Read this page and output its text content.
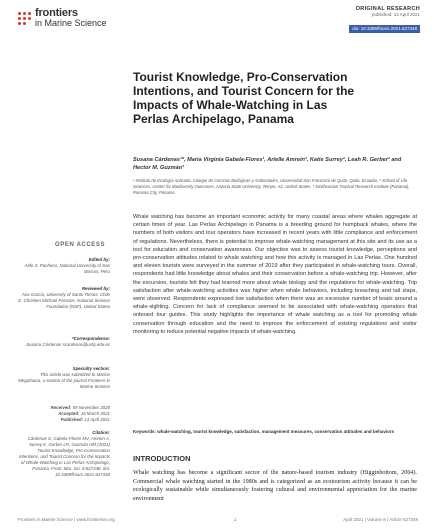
frontiers
in Marine Science
ORIGINAL RESEARCH
published: 13 April 2021
doi: 10.3389/fmars.2021.627348
Tourist Knowledge, Pro-Conservation Intentions, and Tourist Concern for the Impacts of Whale-Watching in Las Perlas Archipelago, Panama
Susana Cárdenas¹*, María Virginia Gabela-Flores¹, Arielle Amrein², Katie Surrey², Leah R. Gerber² and Hector M. Guzmán³
¹ Instituto de Ecología Aplicada, Colegio de Ciencias Biológicas y Ambientales, Universidad San Francisco de Quito, Quito, Ecuador, ² School of Life Sciences, Center for Biodiversity Outcomes, Arizona State University, Tempe, AZ, United States, ³ Smithsonian Tropical Research Institute (Panama), Panama City, Panama
OPEN ACCESS
Edited by:
Aldo S. Pacheco, National University of San Marcos, Peru
Reviewed by:
Ana García, University of Santo Tomas, Chile E. Christien Michael Parsons, National Science Foundation (NSF), United States
*Correspondence:
Susana Cárdenas scardenas@usfq.edu.ec
Specialty section:
This article was submitted to Marine Megafauna, a section of the journal Frontiers in Marine Science
Received: 09 November 2020
Accepted: 16 March 2021
Published: 13 April 2021
Citation:
Cárdenas S, Gabela-Flores MV, Amrein A, Surrey K, Gerber LR, Guzmán HM (2021) Tourist Knowledge, Pro-Conservation Intentions, and Tourist Concern for the Impacts of Whale-Watching in Las Perlas Archipelago, Panama. Front. Mar. Sci. 8:627348. doi: 10.3389/fmars.2021.627348
Whale watching has become an important economic activity for many coastal areas where whales aggregate at certain times of year. Las Perlas Archipelago in Panama is a breeding ground for humpback whales, where the numbers of both visitors and tour operators have increased in recent years with little compliance and enforcement of regulations. Nevertheless, there is potential to improve whale-watching management at this site and its use as a tool for education and conservation awareness. Our objective was to assess tourist knowledge, perceptions and pro-conservation attitudes related to whale watching and how this activity is managed in Las Perlas. One hundred and eleven tourists were surveyed in the summer of 2019 after they participated in whale-watching tours. Overall, respondents had little knowledge about whales and their conservation before a whale-watching trip. However, after the excursion, tourists felt they had learned more about whale biology and the regulations for whale-watching. Trip satisfaction after whale-watching activities was higher when whale behaviors, including breaching and tail slaps, were observed. Respondents expressed low satisfaction when there was an excessive number of boats around a whale-sighting. Concern for lack of compliance seemed to be associated with whale-watching operators that onboard tour guides. This study highlights the importance of whale watching as a tool for promoting whale conservation through education and the need to improve the enforcement of existing regulations and visitor monitoring to reduce potential negative impacts of whale-watching.
Keywords: whale-watching, tourist knowledge, satisfaction, management measures, conservation attitudes and behaviors
INTRODUCTION
Whale watching has become a significant sector of the nature-based tourism industry (Higginbottom, 2004). Commercial whale watching started in the 1980s and is categorized as an ecotourism activity because it can be ecologically sustainable while simultaneously fostering cultural and environmental appreciation for the marine environment
Frontiers in Marine Science | www.frontiersin.org	1	April 2021 | Volume 8 | Article 627348
